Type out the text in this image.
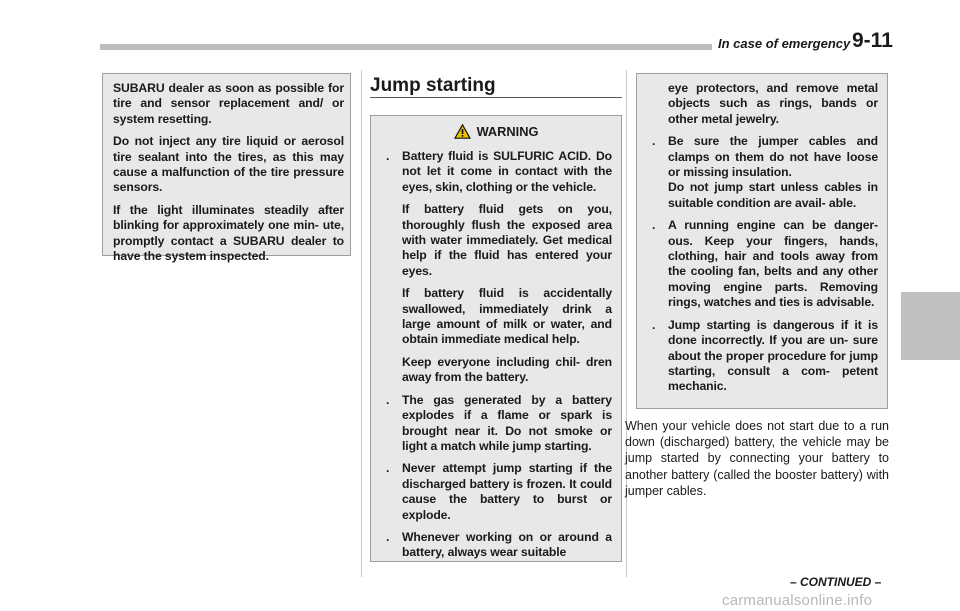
In case of emergency 9-11

SUBARU dealer as soon as possible for tire and sensor replacement and/ or system resetting.

Do not inject any tire liquid or aerosol tire sealant into the tires, as this may cause a malfunction of the tire pressure sensors.

If the light illuminates steadily after blinking for approximately one min- ute, promptly contact a SUBARU dealer to have the system inspected.

Jump starting
WARNING

. Battery fluid is SULFURIC ACID. Do not let it come in contact with the eyes, skin, clothing or the vehicle.

If battery fluid gets on you, thoroughly flush the exposed area with water immediately. Get medical help if the fluid has entered your eyes.

If battery fluid is accidentally swallowed, immediately drink a large amount of milk or water, and obtain immediate medical help.

Keep everyone including chil- dren away from the battery.

. The gas generated by a battery explodes if a flame or spark is brought near it. Do not smoke or light a match while jump starting.

. Never attempt jump starting if the discharged battery is frozen. It could cause the battery to burst or explode.

. Whenever working on or around a battery, always wear suitable

eye protectors, and remove metal objects such as rings, bands or other metal jewelry.

. Be sure the jumper cables and clamps on them do not have loose or missing insulation.

Do not jump start unless cables in suitable condition are avail- able.

. A running engine can be danger- ous. Keep your fingers, hands, clothing, hair and tools away from the cooling fan, belts and any other moving engine parts. Removing rings, watches and ties is advisable.

. Jump starting is dangerous if it is done incorrectly. If you are un- sure about the proper procedure for jump starting, consult a com- petent mechanic.

When your vehicle does not start due to a run down (discharged) battery, the vehicle may be jump started by connecting your battery to another battery (called the booster battery) with jumper cables.

– CONTINUED –
carmanualsonline.info
